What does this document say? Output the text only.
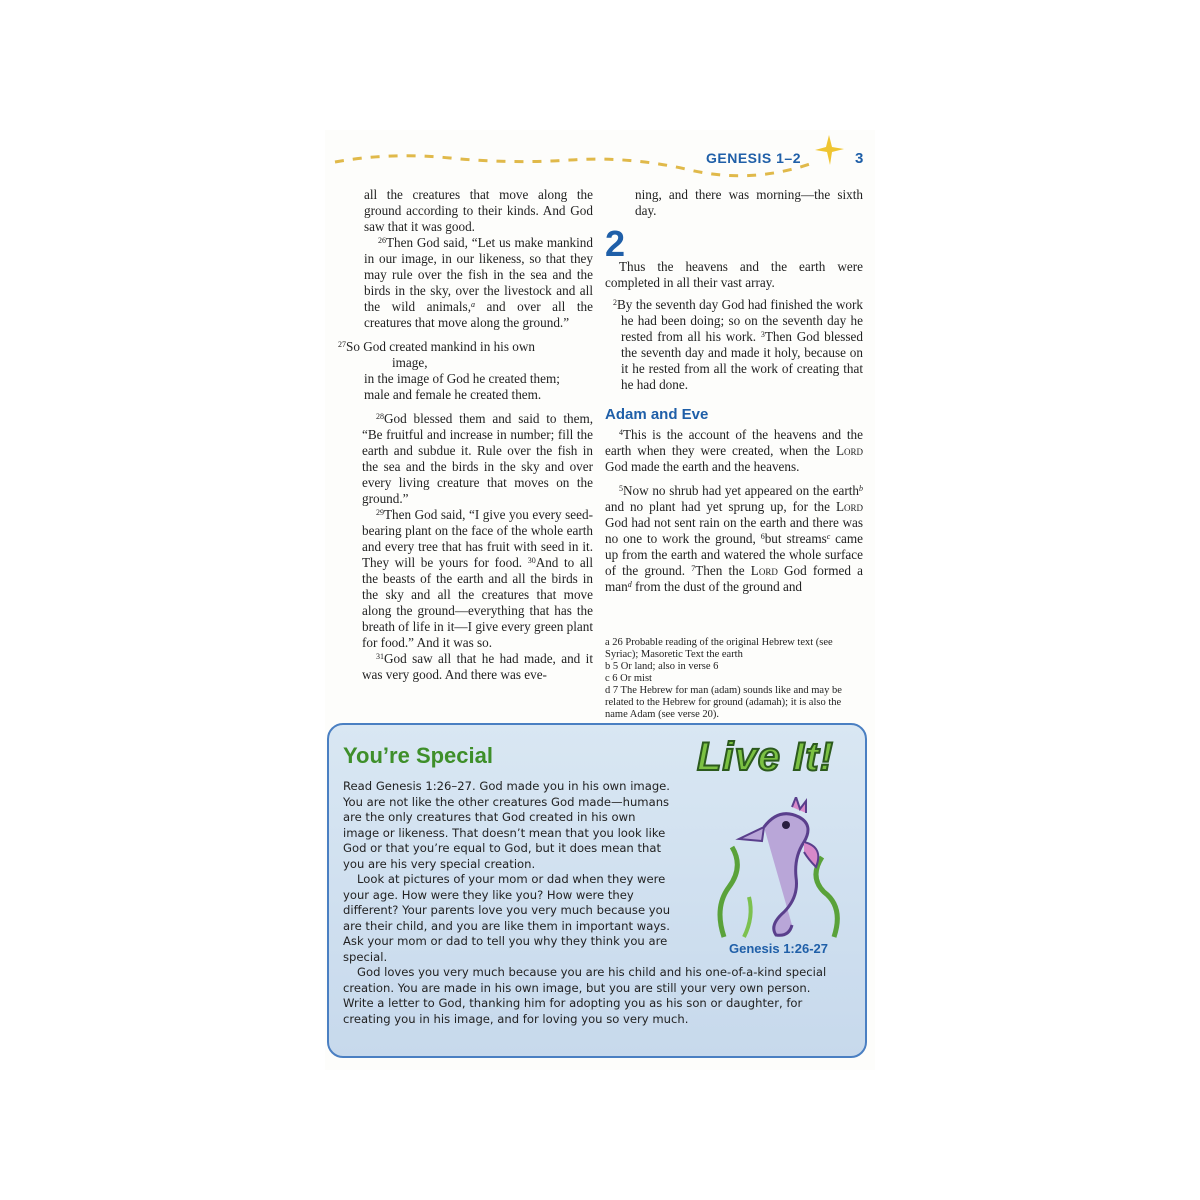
GENESIS 1–2	3

all the creatures that move along the ground according to their kinds. And God saw that it was good.

$^{26}$Then God said, “Let us make mankind in our image, in our likeness, so that they may rule over the fish in the sea and the birds in the sky, over the livestock and all the wild animals,$^a$ and over all the creatures that move along the ground.”

$^{27}$So God created mankind in his own
image,
in the image of God he created them;
male and female he created them.

$^{28}$God blessed them and said to them, “Be fruitful and increase in number; fill the earth and subdue it. Rule over the fish in the sea and the birds in the sky and over every living creature that moves on the ground.”

$^{29}$Then God said, “I give you every seed-bearing plant on the face of the whole earth and every tree that has fruit with seed in it. They will be yours for food. $^{30}$And to all the beasts of the earth and all the birds in the sky and all the creatures that move along the ground—everything that has the breath of life in it—I give every green plant for food.” And it was so.

$^{31}$God saw all that he had made, and it was very good. And there was eve-

ning, and there was morning—the sixth day.

2
Thus the heavens and the earth were completed in all their vast array.

$^2$By the seventh day God had finished the work he had been doing; so on the seventh day he rested from all his work. $^3$Then God blessed the seventh day and made it holy, because on it he rested from all the work of creating that he had done.

Adam and Eve

$^4$This is the account of the heavens and the earth when they were created, when the Lord God made the earth and the heavens.

$^5$Now no shrub had yet appeared on the earth$^b$ and no plant had yet sprung up, for the Lord God had not sent rain on the earth and there was no one to work the ground, $^6$but streams$^c$ came up from the earth and watered the whole surface of the ground. $^7$Then the Lord God formed a man$^d$ from the dust of the ground and

a 26 Probable reading of the original Hebrew text (see Syriac); Masoretic Text the earth

b 5 Or land; also in verse 6

c 6 Or mist

d 7 The Hebrew for man (adam) sounds like and may be related to the Hebrew for ground (adamah); it is also the name Adam (see verse 20).

You’re Special	Live It!
Genesis 1:26-27

Read Genesis 1:26–27. God made you in his own image. You are not like the other creatures God made—humans are the only creatures that God created in his own image or likeness. That doesn’t mean that you look like God or that you’re equal to God, but it does mean that you are his very special creation.

Look at pictures of your mom or dad when they were your age. How were they like you? How were they different? Your parents love you very much because you are their child, and you are like them in important ways. Ask your mom or dad to tell you why they think you are special.

God loves you very much because you are his child and his one-of-a-kind special creation. You are made in his own image, but you are still your very own person. Write a letter to God, thanking him for adopting you as his son or daughter, for creating you in his image, and for loving you so very much.
